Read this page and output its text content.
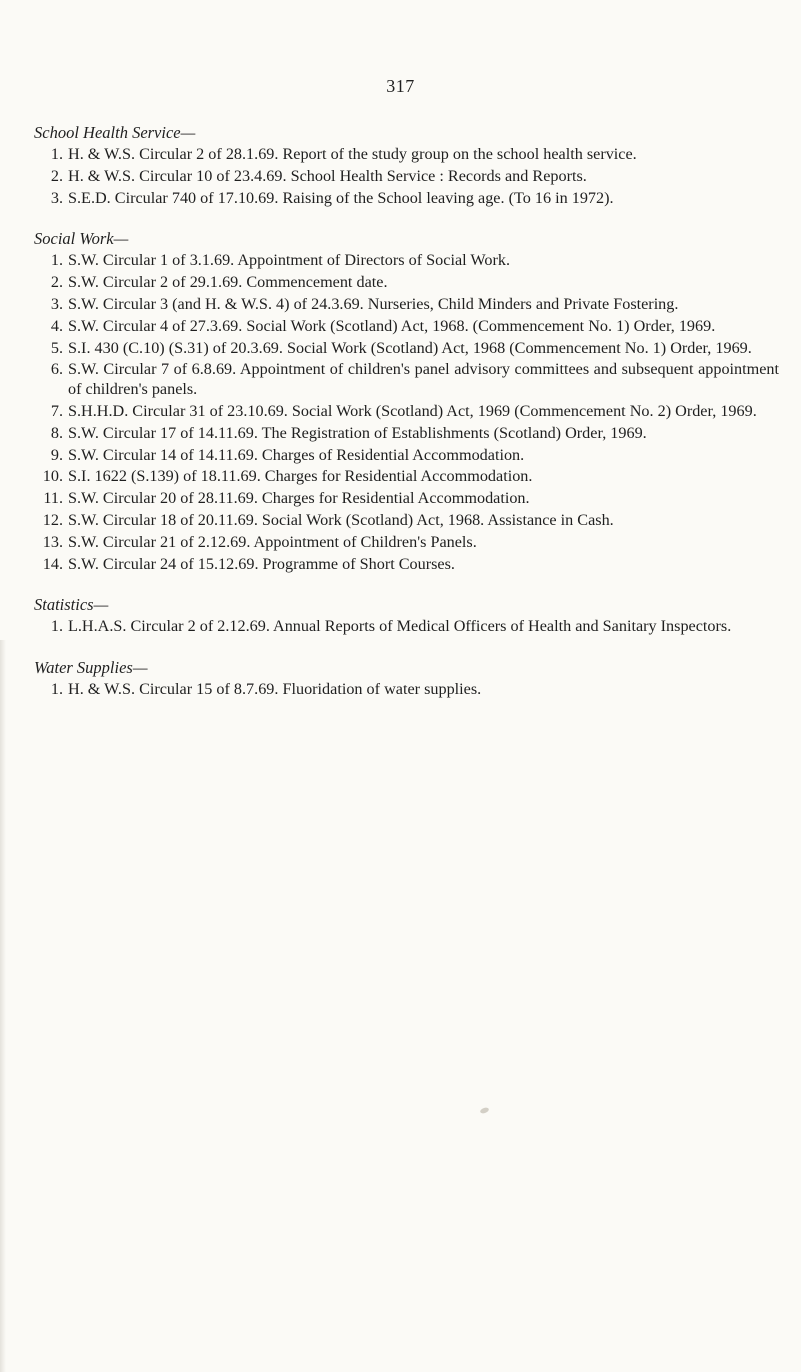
317
School Health Service—
1. H. & W.S. Circular 2 of 28.1.69. Report of the study group on the school health service.
2. H. & W.S. Circular 10 of 23.4.69. School Health Service : Records and Reports.
3. S.E.D. Circular 740 of 17.10.69. Raising of the School leaving age. (To 16 in 1972).
Social Work—
1. S.W. Circular 1 of 3.1.69. Appointment of Directors of Social Work.
2. S.W. Circular 2 of 29.1.69. Commencement date.
3. S.W. Circular 3 (and H. & W.S. 4) of 24.3.69. Nurseries, Child Minders and Private Fostering.
4. S.W. Circular 4 of 27.3.69. Social Work (Scotland) Act, 1968. (Commencement No. 1) Order, 1969.
5. S.I. 430 (C.10) (S.31) of 20.3.69. Social Work (Scotland) Act, 1968 (Commencement No. 1) Order, 1969.
6. S.W. Circular 7 of 6.8.69. Appointment of children's panel advisory committees and subsequent appointment of children's panels.
7. S.H.H.D. Circular 31 of 23.10.69. Social Work (Scotland) Act, 1969 (Commencement No. 2) Order, 1969.
8. S.W. Circular 17 of 14.11.69. The Registration of Establishments (Scotland) Order, 1969.
9. S.W. Circular 14 of 14.11.69. Charges of Residential Accommodation.
10. S.I. 1622 (S.139) of 18.11.69. Charges for Residential Accommodation.
11. S.W. Circular 20 of 28.11.69. Charges for Residential Accommodation.
12. S.W. Circular 18 of 20.11.69. Social Work (Scotland) Act, 1968. Assistance in Cash.
13. S.W. Circular 21 of 2.12.69. Appointment of Children's Panels.
14. S.W. Circular 24 of 15.12.69. Programme of Short Courses.
Statistics—
1. L.H.A.S. Circular 2 of 2.12.69. Annual Reports of Medical Officers of Health and Sanitary Inspectors.
Water Supplies—
1. H. & W.S. Circular 15 of 8.7.69. Fluoridation of water supplies.
